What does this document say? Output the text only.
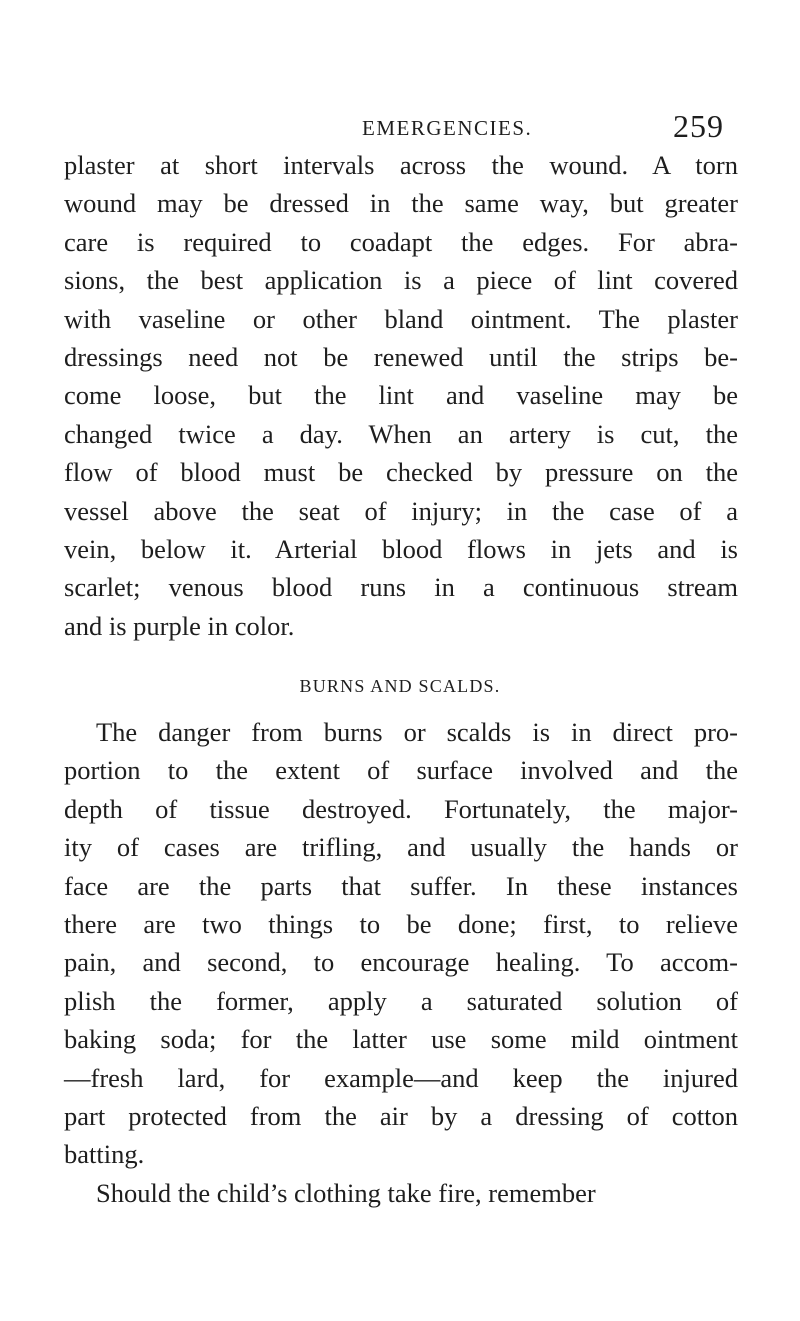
EMERGENCIES.	259
plaster at short intervals across the wound. A torn
wound may be dressed in the same way, but greater
care is required to coadapt the edges. For abra-
sions, the best application is a piece of lint covered
with vaseline or other bland ointment. The plaster
dressings need not be renewed until the strips be-
come loose, but the lint and vaseline may be
changed twice a day. When an artery is cut, the
flow of blood must be checked by pressure on the
vessel above the seat of injury; in the case of a
vein, below it. Arterial blood flows in jets and is
scarlet; venous blood runs in a continuous stream
and is purple in color.
BURNS AND SCALDS.
The danger from burns or scalds is in direct pro-
portion to the extent of surface involved and the
depth of tissue destroyed. Fortunately, the major-
ity of cases are trifling, and usually the hands or
face are the parts that suffer. In these instances
there are two things to be done; first, to relieve
pain, and second, to encourage healing. To accom-
plish the former, apply a saturated solution of
baking soda; for the latter use some mild ointment
—fresh lard, for example—and keep the injured
part protected from the air by a dressing of cotton
batting.
Should the child’s clothing take fire, remember
